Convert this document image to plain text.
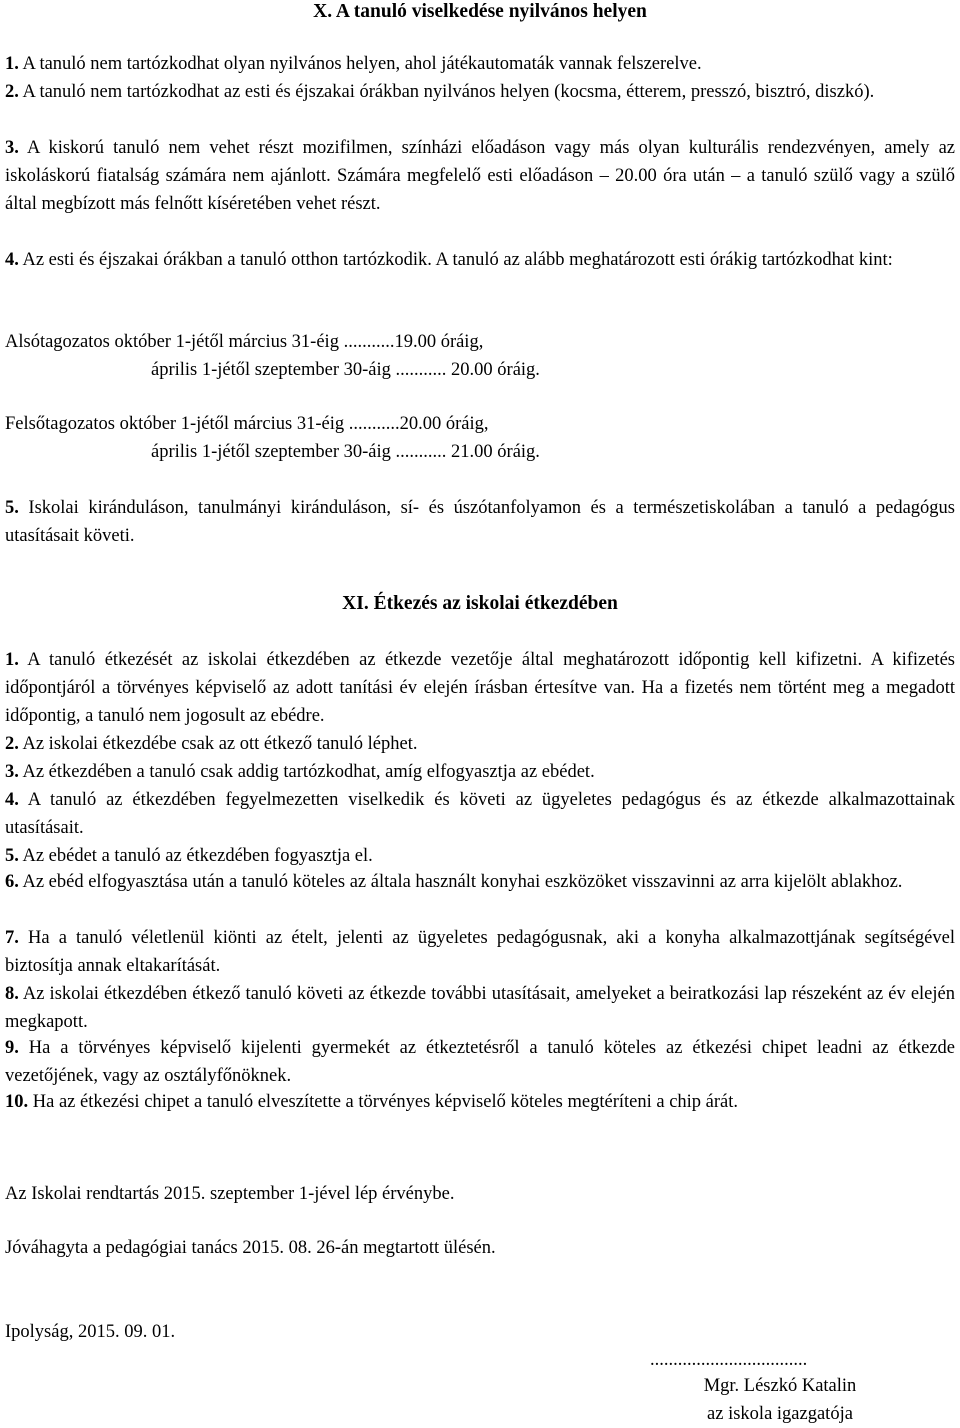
X. A tanuló viselkedése nyilvános helyen
1. A tanuló nem tartózkodhat olyan nyilvános helyen, ahol játékautomaták vannak felszerelve.
2. A tanuló nem tartózkodhat az esti és éjszakai órákban nyilvános helyen (kocsma, étterem, presszó, bisztró, diszkó).
3. A kiskorú tanuló nem vehet részt mozifilmen, színházi előadáson vagy más olyan kulturális rendezvényen, amely az iskoláskorú fiatalság számára nem ajánlott. Számára megfelelő esti előadáson – 20.00 óra után – a tanuló szülő vagy a szülő által megbízott más felnőtt kíséretében vehet részt.
4. Az esti és éjszakai órákban a tanuló otthon tartózkodik. A tanuló az alább meghatározott esti órákig tartózkodhat kint:
Alsótagozatos október 1-jétől március 31-éig ...........19.00 óráig,
április 1-jétől szeptember 30-áig ........... 20.00 óráig.
Felsőtagozatos október 1-jétől március 31-éig ...........20.00 óráig,
április 1-jétől szeptember 30-áig ........... 21.00 óráig.
5. Iskolai kiránduláson, tanulmányi kiránduláson, sí- és úszótanfolyamon és a természetiskolában a tanuló a pedagógus utasításait követi.
XI. Étkezés az iskolai étkezdében
1. A tanuló étkezését az iskolai étkezdében az étkezde vezetője által meghatározott időpontig kell kifizetni. A kifizetés időpontjáról a törvényes képviselő az adott tanítási év elején írásban értesítve van. Ha a fizetés nem történt meg a megadott időpontig, a tanuló nem jogosult az ebédre.
2. Az iskolai étkezdébe csak az ott étkező tanuló léphet.
3. Az étkezdében a tanuló csak addig tartózkodhat, amíg elfogyasztja az ebédet.
4. A tanuló az étkezdében fegyelmezetten viselkedik és követi az ügyeletes pedagógus és az étkezde alkalmazottainak utasításait.
5. Az ebédet a tanuló az étkezdében fogyasztja el.
6. Az ebéd elfogyasztása után a tanuló köteles az általa használt konyhai eszközöket visszavinni az arra kijelölt ablakhoz.
7. Ha a tanuló véletlenül kiönti az ételt, jelenti az ügyeletes pedagógusnak, aki a konyha alkalmazottjának segítségével biztosítja annak eltakarítását.
8. Az iskolai étkezdében étkező tanuló követi az étkezde további utasításait, amelyeket a beiratkozási lap részeként az év elején megkapott.
9. Ha a törvényes képviselő kijelenti gyermekét az étkeztetésről a tanuló köteles az étkezési chipet leadni az étkezde vezetőjének, vagy az osztályfőnöknek.
10. Ha az étkezési chipet a tanuló elveszítette a törvényes képviselő köteles megtéríteni a chip árát.
Az Iskolai rendtartás 2015. szeptember 1-jével lép érvénybe.
Jóváhagyta a pedagógiai tanács 2015. 08. 26-án megtartott ülésén.
Ipolyság, 2015. 09. 01.
..................................
Mgr. Lészkó Katalin
az iskola igazgatója
